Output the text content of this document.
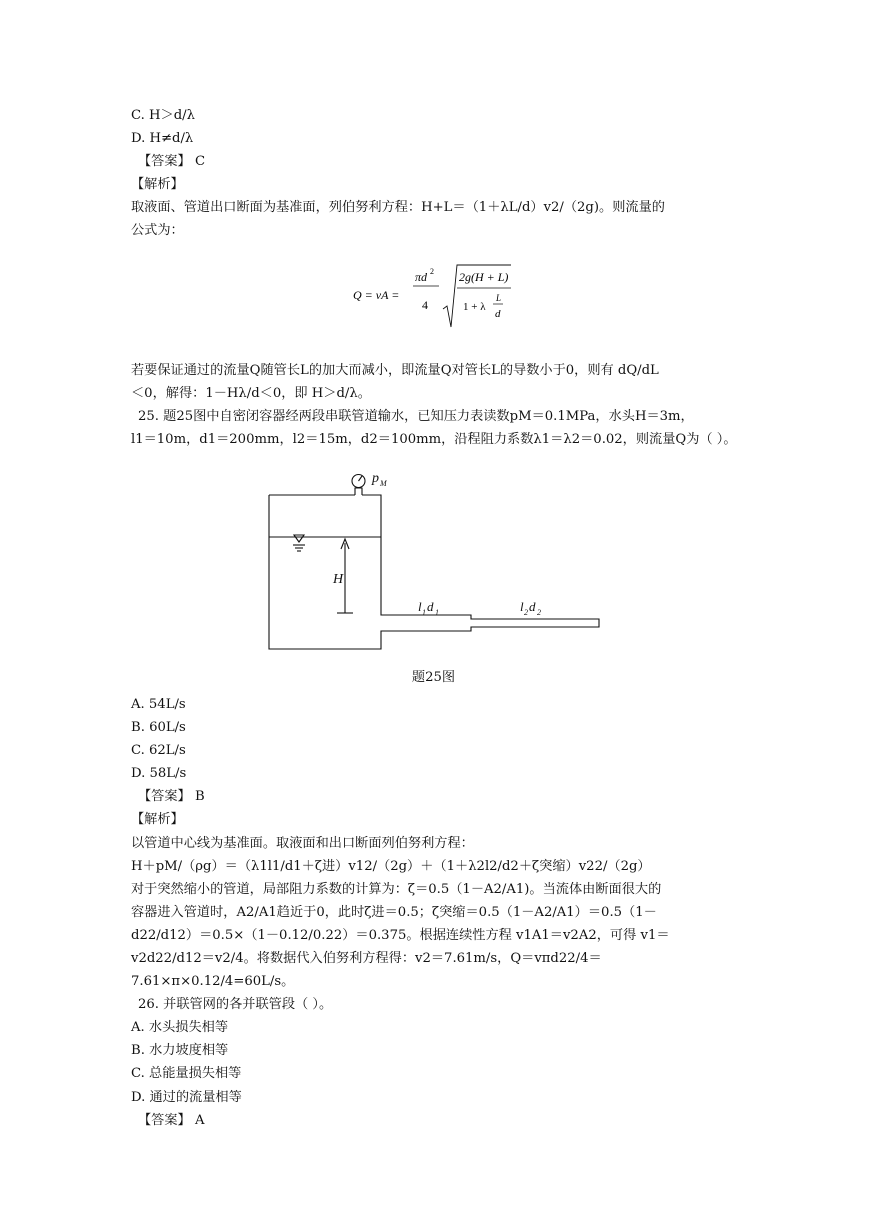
C. H＞d/λ

D. H≠d/λ

【答案】 C

【解析】

取液面、管道出口断面为基准面，列伯努利方程：H+L＝（1＋λL/d）v2/（2g)。则流量的

公式为：

Q = vA =
πd 2
4
2g(H + L)
1 + λ
L
d

若要保证通过的流量Q随管长L的加大而减小，即流量Q对管长L的导数小于0，则有 dQ/dL

＜0，解得：1－Hλ/d＜0，即 H＞d/λ。

25. 题25图中自密闭容器经两段串联管道输水，已知压力表读数pM＝0.1MPa，水头H＝3m，

l1＝10m，d1＝200mm，l2＝15m，d2＝100mm，沿程阻力系数λ1＝λ2＝0.02，则流量Q为（ ）。

p M
H
l 1 d 1	l 2 d 2
题25图

A. 54L/s

B. 60L/s

C. 62L/s

D. 58L/s

【答案】 B

【解析】

以管道中心线为基准面。取液面和出口断面列伯努利方程：

H＋pM/（ρg）＝（λ1l1/d1＋ζ进）v12/（2g）＋（1＋λ2l2/d2＋ζ突缩）v22/（2g）

对于突然缩小的管道，局部阻力系数的计算为：ζ＝0.5（1－A2/A1)。当流体由断面很大的

容器进入管道时，A2/A1趋近于0，此时ζ进＝0.5；ζ突缩＝0.5（1－A2/A1）＝0.5（1－

d22/d12）＝0.5×（1－0.12/0.22）＝0.375。根据连续性方程 v1A1＝v2A2，可得 v1＝

v2d22/d12＝v2/4。将数据代入伯努利方程得：v2＝7.61m/s，Q＝vπd22/4＝

7.61×π×0.12/4=60L/s。

26. 并联管网的各并联管段（ ）。

A. 水头损失相等

B. 水力坡度相等

C. 总能量损失相等

D. 通过的流量相等

【答案】 A
